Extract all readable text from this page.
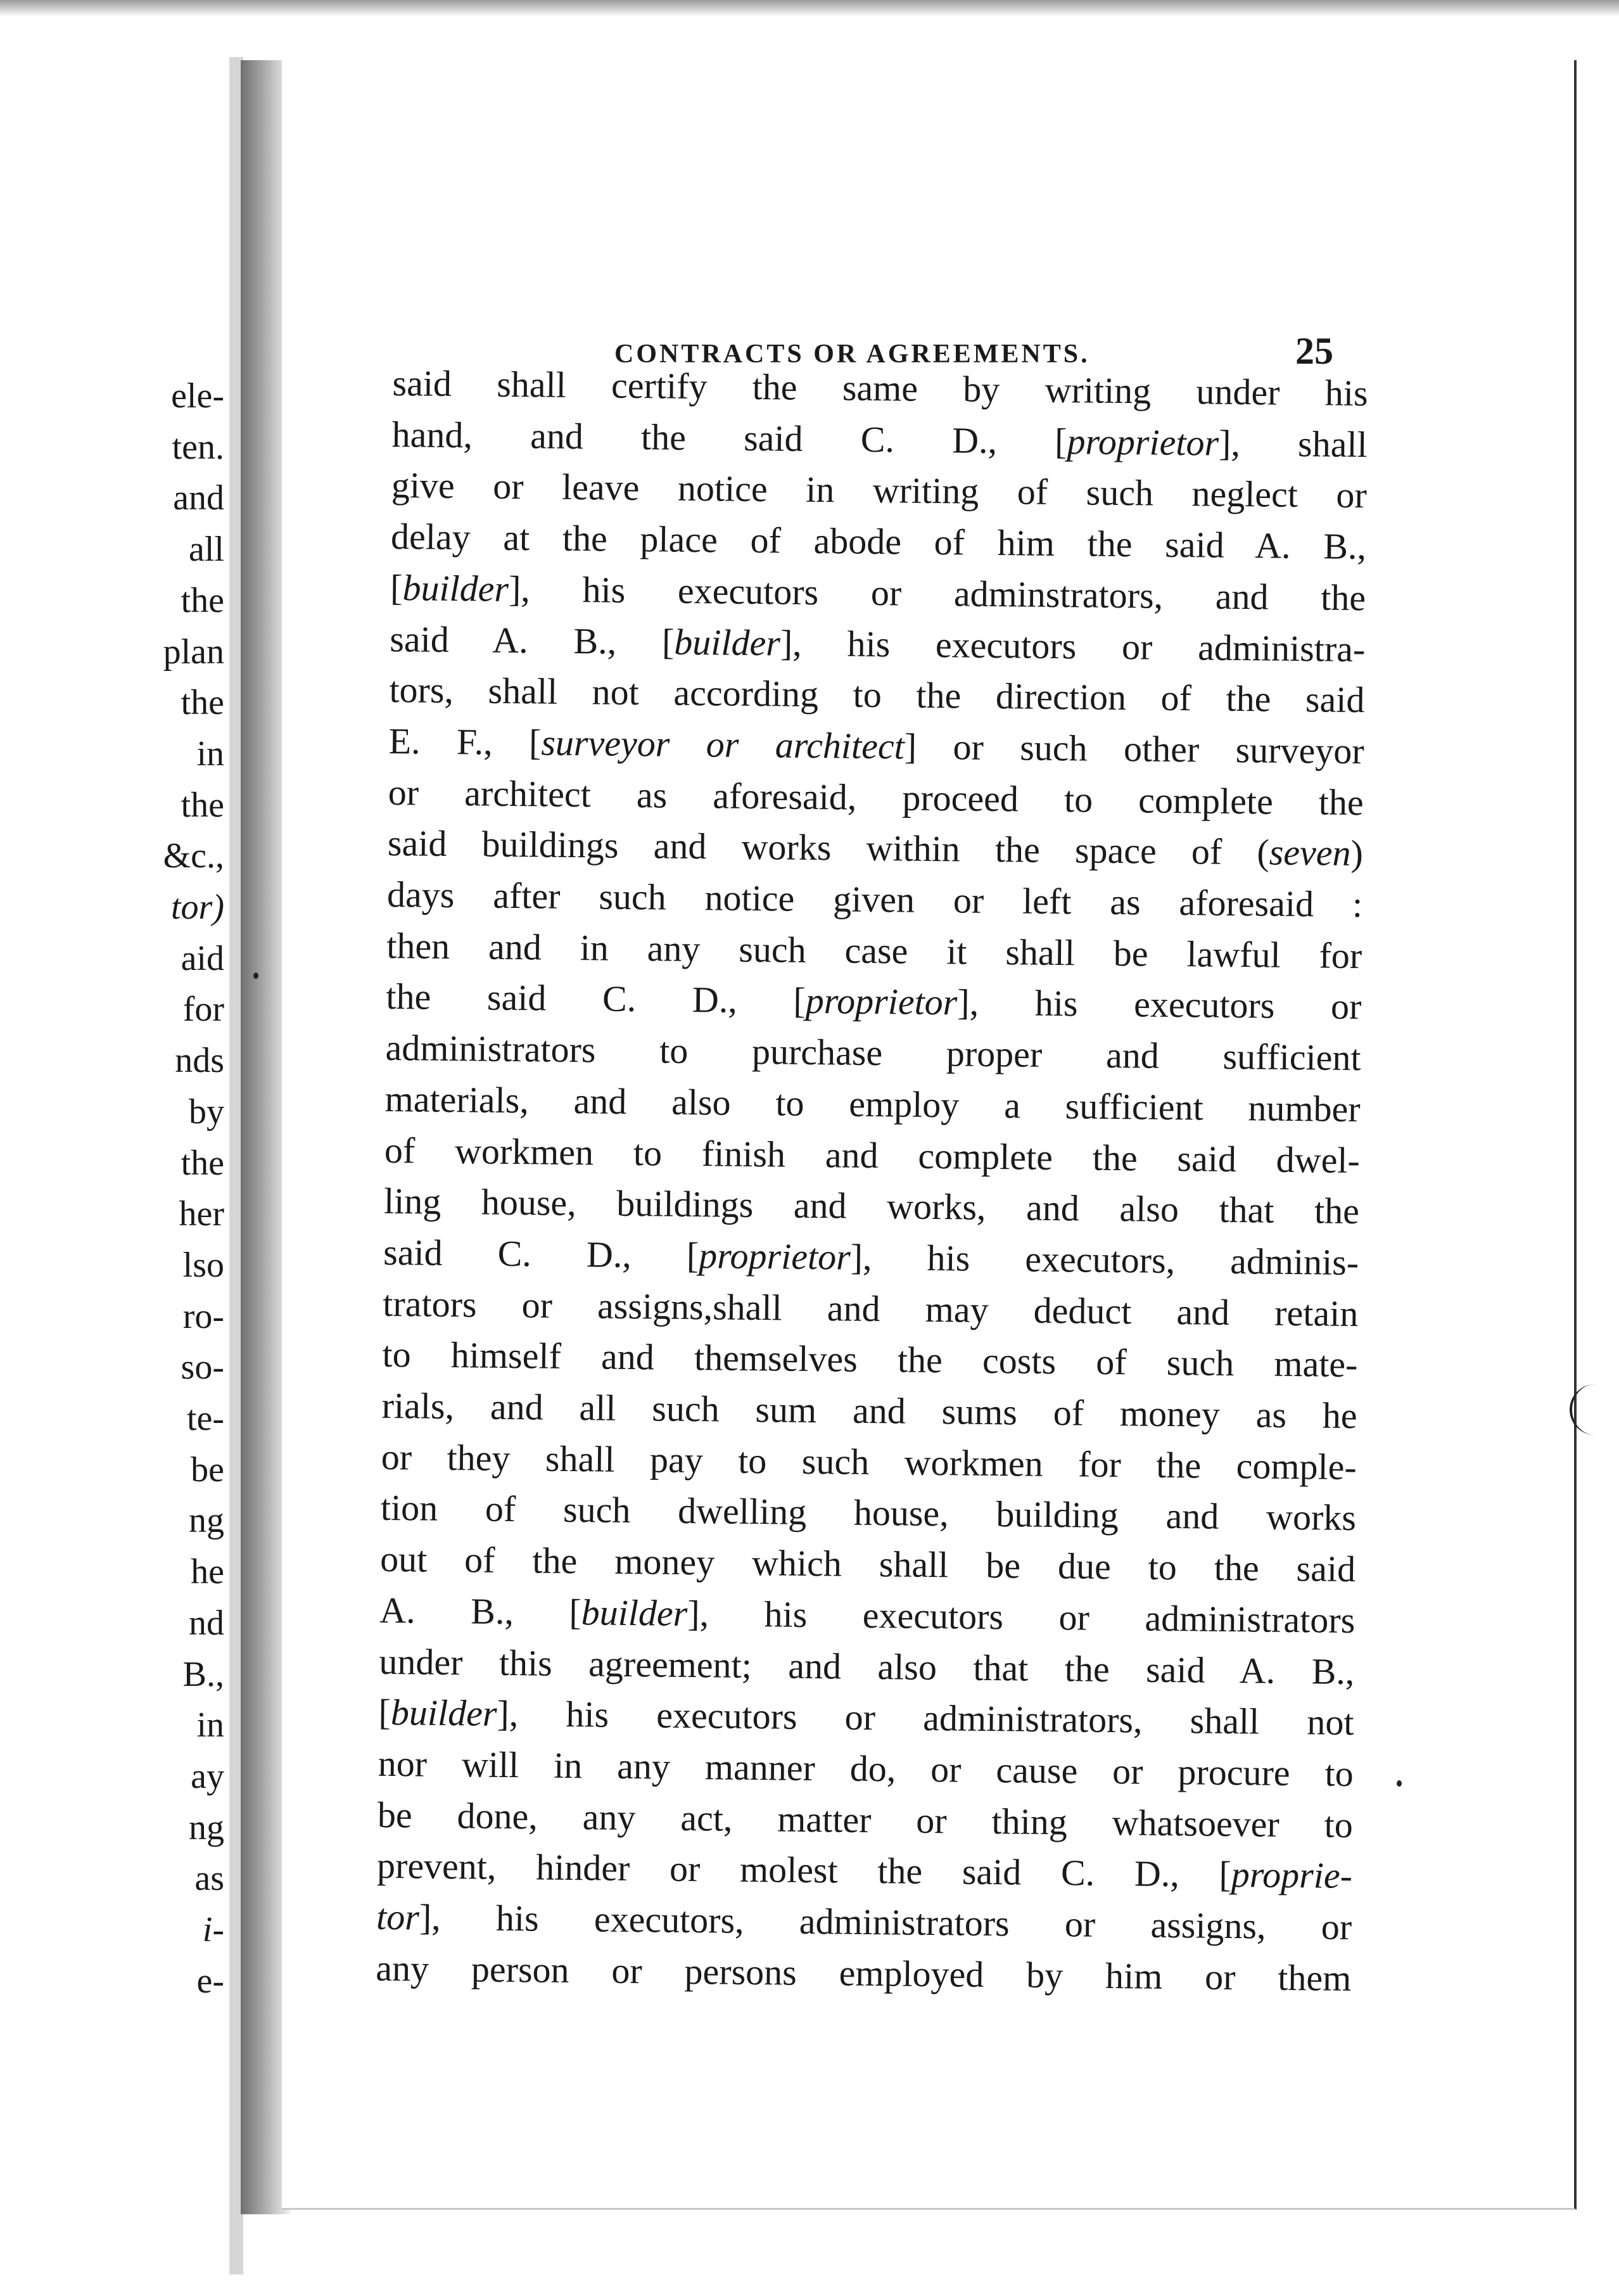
ele-
ten.
and
all
the
plan
the
in
the
&c.,
tor)
aid
for
nds
by
the
her
lso
ro-
so-
te-
be
ng
he
nd
B.,
in
ay
ng
as
i-
e-
CONTRACTS OR AGREEMENTS.	25
said shall certify the same by writing under his
hand, and the said C. D., [proprietor], shall
give or leave notice in writing of such neglect or
delay at the place of abode of him the said A. B.,
[builder], his executors or adminstrators, and the
said A. B., [builder], his executors or administra-
tors, shall not according to the direction of the said
E. F., [surveyor or architect] or such other surveyor
or architect as aforesaid, proceed to complete the
said buildings and works within the space of (seven)
days after such notice given or left as aforesaid :
then and in any such case it shall be lawful for
the said C. D., [proprietor], his executors or
administrators to purchase proper and sufficient
materials, and also to employ a sufficient number
of workmen to finish and complete the said dwel-
ling house, buildings and works, and also that the
said C. D., [proprietor], his executors, adminis-
trators or assigns,shall and may deduct and retain
to himself and themselves the costs of such mate-
rials, and all such sum and sums of money as he
or they shall pay to such workmen for the comple-
tion of such dwelling house, building and works
out of the money which shall be due to the said
A. B., [builder], his executors or administrators
under this agreement; and also that the said A. B.,
[builder], his executors or administrators, shall not
nor will in any manner do, or cause or procure to
be done, any act, matter or thing whatsoever to
prevent, hinder or molest the said C. D., [proprie-
tor], his executors, administrators or assigns, or
any person or persons employed by him or them
